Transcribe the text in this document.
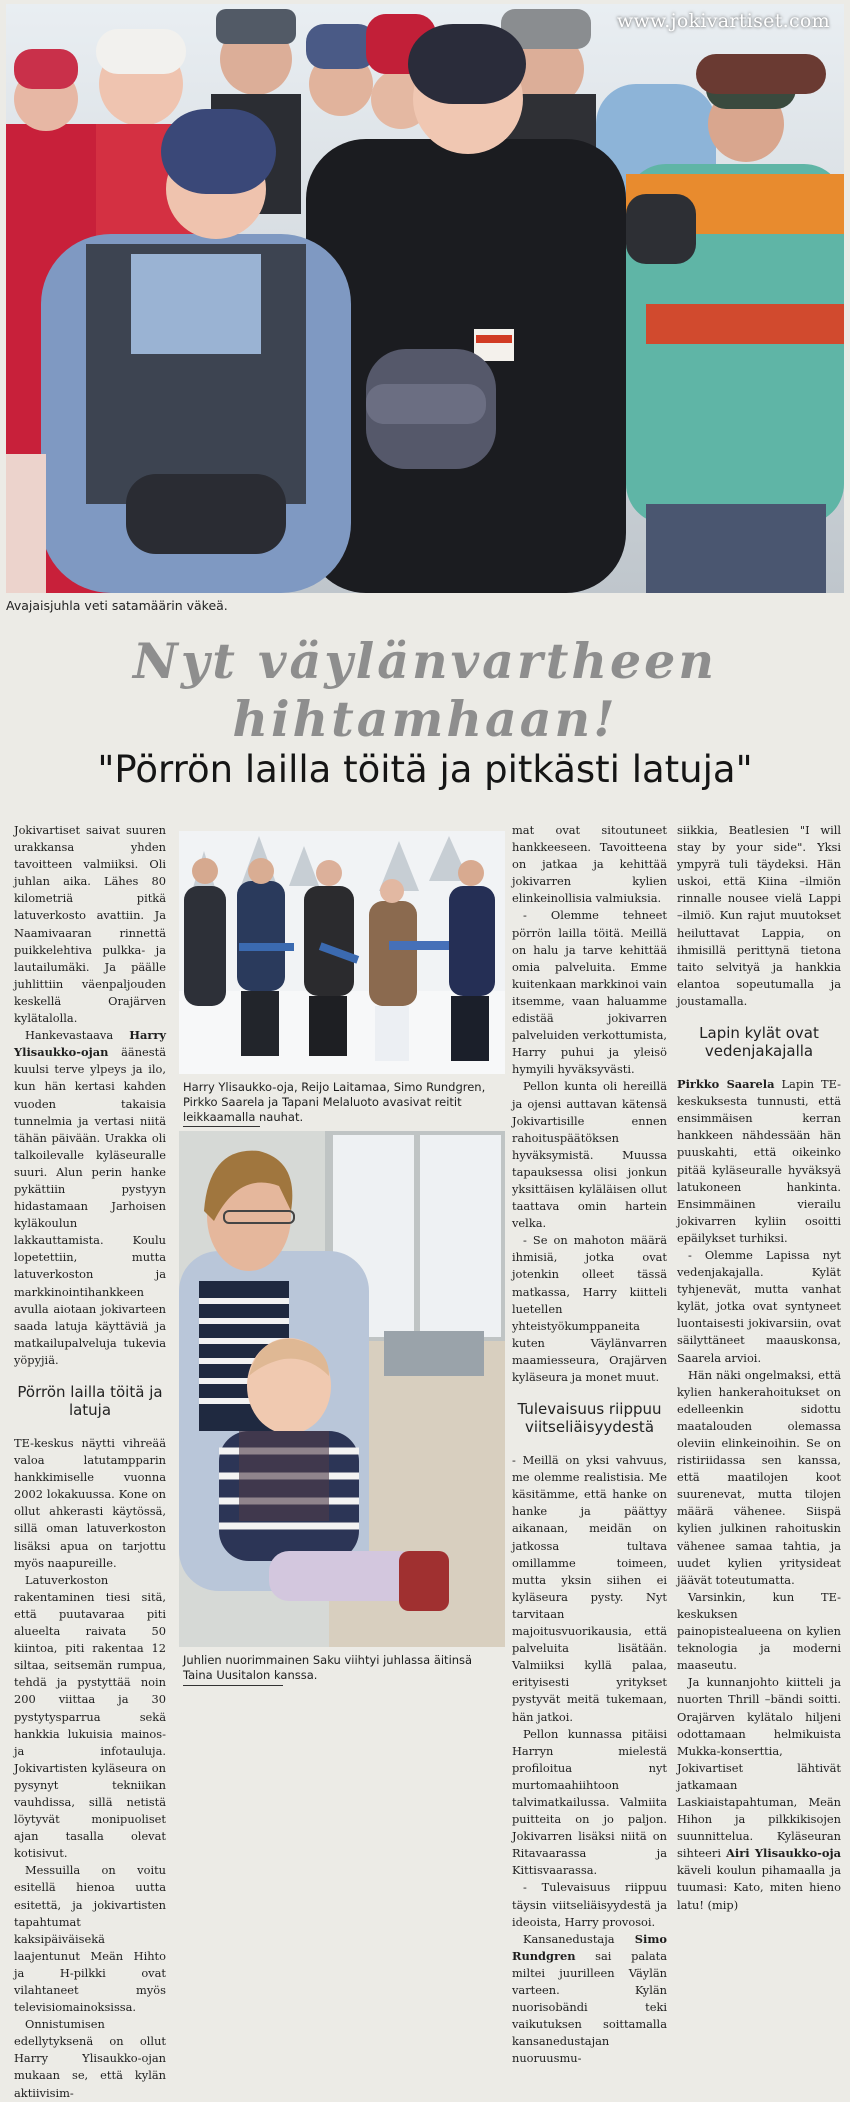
www.jokivartiset.com
Avajaisjuhla veti satamäärin väkeä.
Nyt väylänvartheen
hihtamhaan!
"Pörrön lailla töitä ja pitkästi latuja"

Jokivartiset saivat suuren urakkansa yhden tavoitteen valmiiksi. Oli juhlan aika. Lähes 80 kilometriä pitkä latuverkosto avattiin. Ja Naamivaaran rinnettä puikkelehtiva pulkka- ja lautailumäki. Ja päälle juhlittiin väenpaljouden keskellä Orajärven kylätalolla.

Hankevastaava Harry Ylisaukko-ojan äänestä kuulsi terve ylpeys ja ilo, kun hän kertasi kahden vuoden takaisia tunnelmia ja vertasi niitä tähän päivään. Urakka oli talkoilevalle kyläseuralle suuri. Alun perin hanke pykättiin pystyyn hidastamaan Jarhoisen kyläkoulun lakkauttamista. Koulu lopetettiin, mutta latuverkoston ja markkinointihankkeen avulla aiotaan jokivarteen saada latuja käyttäviä ja matkailupalveluja tukevia yöpyjiä.

Pörrön lailla töitä ja latuja

TE-keskus näytti vihreää valoa latutampparin hankkimiselle vuonna 2002 lokakuussa. Kone on ollut ahkerasti käytössä, sillä oman latuverkoston lisäksi apua on tarjottu myös naapureille.

Latuverkoston rakentaminen tiesi sitä, että puutavaraa piti alueelta raivata 50 kiintoa, piti rakentaa 12 siltaa, seitsemän rumpua, tehdä ja pystyttää noin 200 viittaa ja 30 pystytysparrua sekä hankkia lukuisia mainos- ja infotauluja. Jokivartisten kyläseura on pysynyt tekniikan vauhdissa, sillä netistä löytyvät monipuoliset ajan tasalla olevat kotisivut.

Messuilla on voitu esitellä hienoa uutta esitettä, ja jokivartisten tapahtumat kaksipäiväisekä laajentunut Meän Hihto ja H-pilkki ovat vilahtaneet myös televisiomainoksissa.

Onnistumisen edellytyksenä on ollut Harry Ylisaukko-ojan mukaan se, että kylän aktiivisim-

Harry Ylisaukko-oja, Reijo Laitamaa, Simo Rundgren, Pirkko Saarela ja Tapani Melaluoto avasivat reitit leikkaamalla nauhat.
Juhlien nuorimmainen Saku viihtyi juhlassa äitinsä Taina Uusitalon kanssa.

mat ovat sitoutuneet hankkeeseen. Tavoitteena on jatkaa ja kehittää jokivarren kylien elinkeinollisia valmiuksia.

- Olemme tehneet pörrön lailla töitä. Meillä on halu ja tarve kehittää omia palveluita. Emme kuitenkaan markkinoi vain itsemme, vaan haluamme edistää jokivarren palveluiden verkottumista, Harry puhui ja yleisö hymyili hyväksyvästi.

Pellon kunta oli hereillä ja ojensi auttavan kätensä Jokivartisille ennen rahoituspäätöksen hyväksymistä. Muussa tapauksessa olisi jonkun yksittäisen kyläläisen ollut taattava omin hartein velka.

- Se on mahoton määrä ihmisiä, jotka ovat jotenkin olleet tässä matkassa, Harry kiitteli luetellen yhteistyökumppaneita kuten Väylänvarren maamiesseura, Orajärven kyläseura ja monet muut.

Tulevaisuus riippuu viitseliäisyydestä

- Meillä on yksi vahvuus, me olemme realistisia. Me käsitämme, että hanke on hanke ja päättyy aikanaan, meidän on jatkossa tultava omillamme toimeen, mutta yksin siihen ei kyläseura pysty. Nyt tarvitaan majoitusvuorikausia, että palveluita lisätään. Valmiiksi kyllä palaa, erityisesti yritykset pystyvät meitä tukemaan, hän jatkoi.

Pellon kunnassa pitäisi Harryn mielestä profiloitua nyt murtomaahiihtoon talvimatkailussa. Valmiita puitteita on jo paljon. Jokivarren lisäksi niitä on Ritavaarassa ja Kittisvaarassa.

- Tulevaisuus riippuu täysin viitseliäisyydestä ja ideoista, Harry provosoi.

Kansanedustaja Simo Rundgren sai palata miltei juurilleen Väylän varteen. Kylän nuorisobändi teki vaikutuksen soittamalla kansanedustajan nuoruusmu-

siikkia, Beatlesien "I will stay by your side". Yksi ympyrä tuli täydeksi. Hän uskoi, että Kiina –ilmiön rinnalle nousee vielä Lappi –ilmiö. Kun rajut muutokset heiluttavat Lappia, on ihmisillä perittynä tietona taito selvityä ja hankkia elantoa sopeutumalla ja joustamalla.

Lapin kylät ovat vedenjakajalla

Pirkko Saarela Lapin TE-keskuksesta tunnusti, että ensimmäisen kerran hankkeen nähdessään hän puuskahti, että oikeinko pitää kyläseuralle hyväksyä latukoneen hankinta. Ensimmäinen vierailu jokivarren kyliin osoitti epäilykset turhiksi.

- Olemme Lapissa nyt vedenjakajalla. Kylät tyhjenevät, mutta vanhat kylät, jotka ovat syntyneet luontaisesti jokivarsiin, ovat säilyttäneet maauskonsa, Saarela arvioi.

Hän näki ongelmaksi, että kylien hankerahoitukset on edelleenkin sidottu maatalouden olemassa oleviin elinkeinoihin. Se on ristiriidassa sen kanssa, että maatilojen koot suurenevat, mutta tilojen määrä vähenee. Siispä kylien julkinen rahoituskin vähenee samaa tahtia, ja uudet kylien yritysideat jäävät toteutumatta.

Varsinkin, kun TE-keskuksen painopistealueena on kylien teknologia ja moderni maaseutu.

Ja kunnanjohto kiitteli ja nuorten Thrill –bändi soitti. Orajärven kylätalo hiljeni odottamaan helmikuista Mukka-konserttia, Jokivartiset lähtivät jatkamaan Laskiaistapahtuman, Meän Hihon ja pilkkikisojen suunnittelua. Kyläseuran sihteeri Airi Ylisaukko-oja käveli koulun pihamaalla ja tuumasi: Kato, miten hieno latu! (mip)
